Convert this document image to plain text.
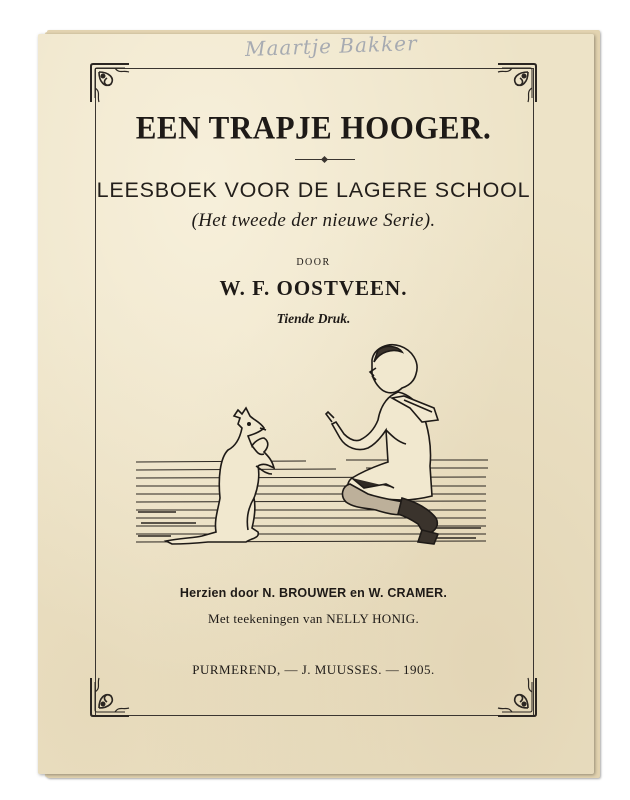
Maartje Bakker
EEN TRAPJE HOOGER.
LEESBOEK VOOR DE LAGERE SCHOOL
(Het tweede der nieuwe Serie).
DOOR
W. F. OOSTVEEN.
Tiende Druk.
Herzien door N. BROUWER en W. CRAMER.
Met teekeningen van NELLY HONIG.
PURMEREND, — J. MUUSSES. — 1905.
